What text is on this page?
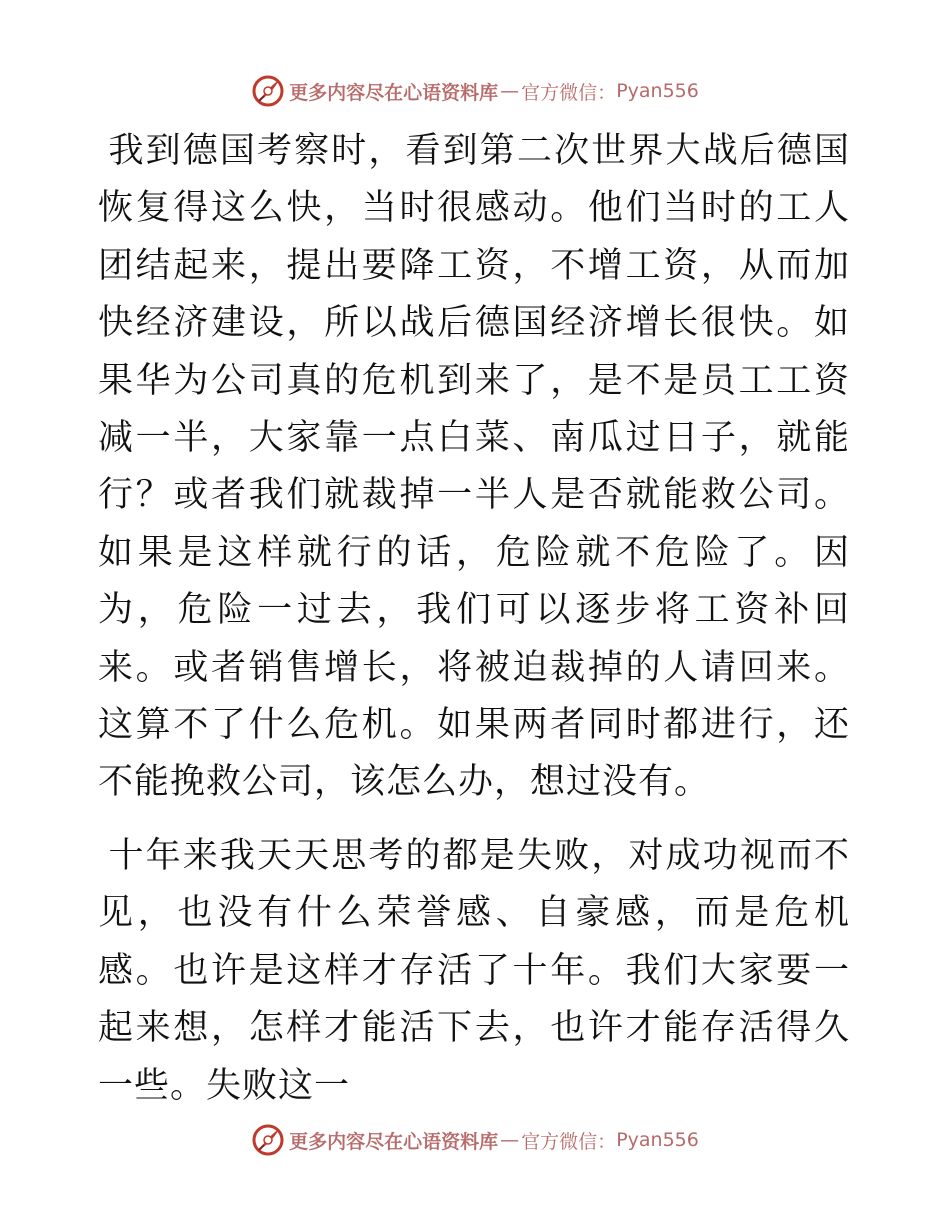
更多内容尽在心语资料库 — 官方微信： Pyan556

我到德国考察时，看到第二次世界大战后德国恢复得这么快，当时很感动。他们当时的工人团结起来，提出要降工资，不增工资，从而加快经济建设，所以战后德国经济增长很快。如果华为公司真的危机到来了，是不是员工工资减一半，大家靠一点白菜、南瓜过日子，就能行？或者我们就裁掉一半人是否就能救公司。如果是这样就行的话，危险就不危险了。因为，危险一过去，我们可以逐步将工资补回来。或者销售增长，将被迫裁掉的人请回来。这算不了什么危机。如果两者同时都进行，还不能挽救公司，该怎么办，想过没有。

十年来我天天思考的都是失败，对成功视而不见，也没有什么荣誉感、自豪感，而是危机感。也许是这样才存活了十年。我们大家要一起来想，怎样才能活下去，也许才能存活得久一些。失败这一

更多内容尽在心语资料库 — 官方微信： Pyan556
